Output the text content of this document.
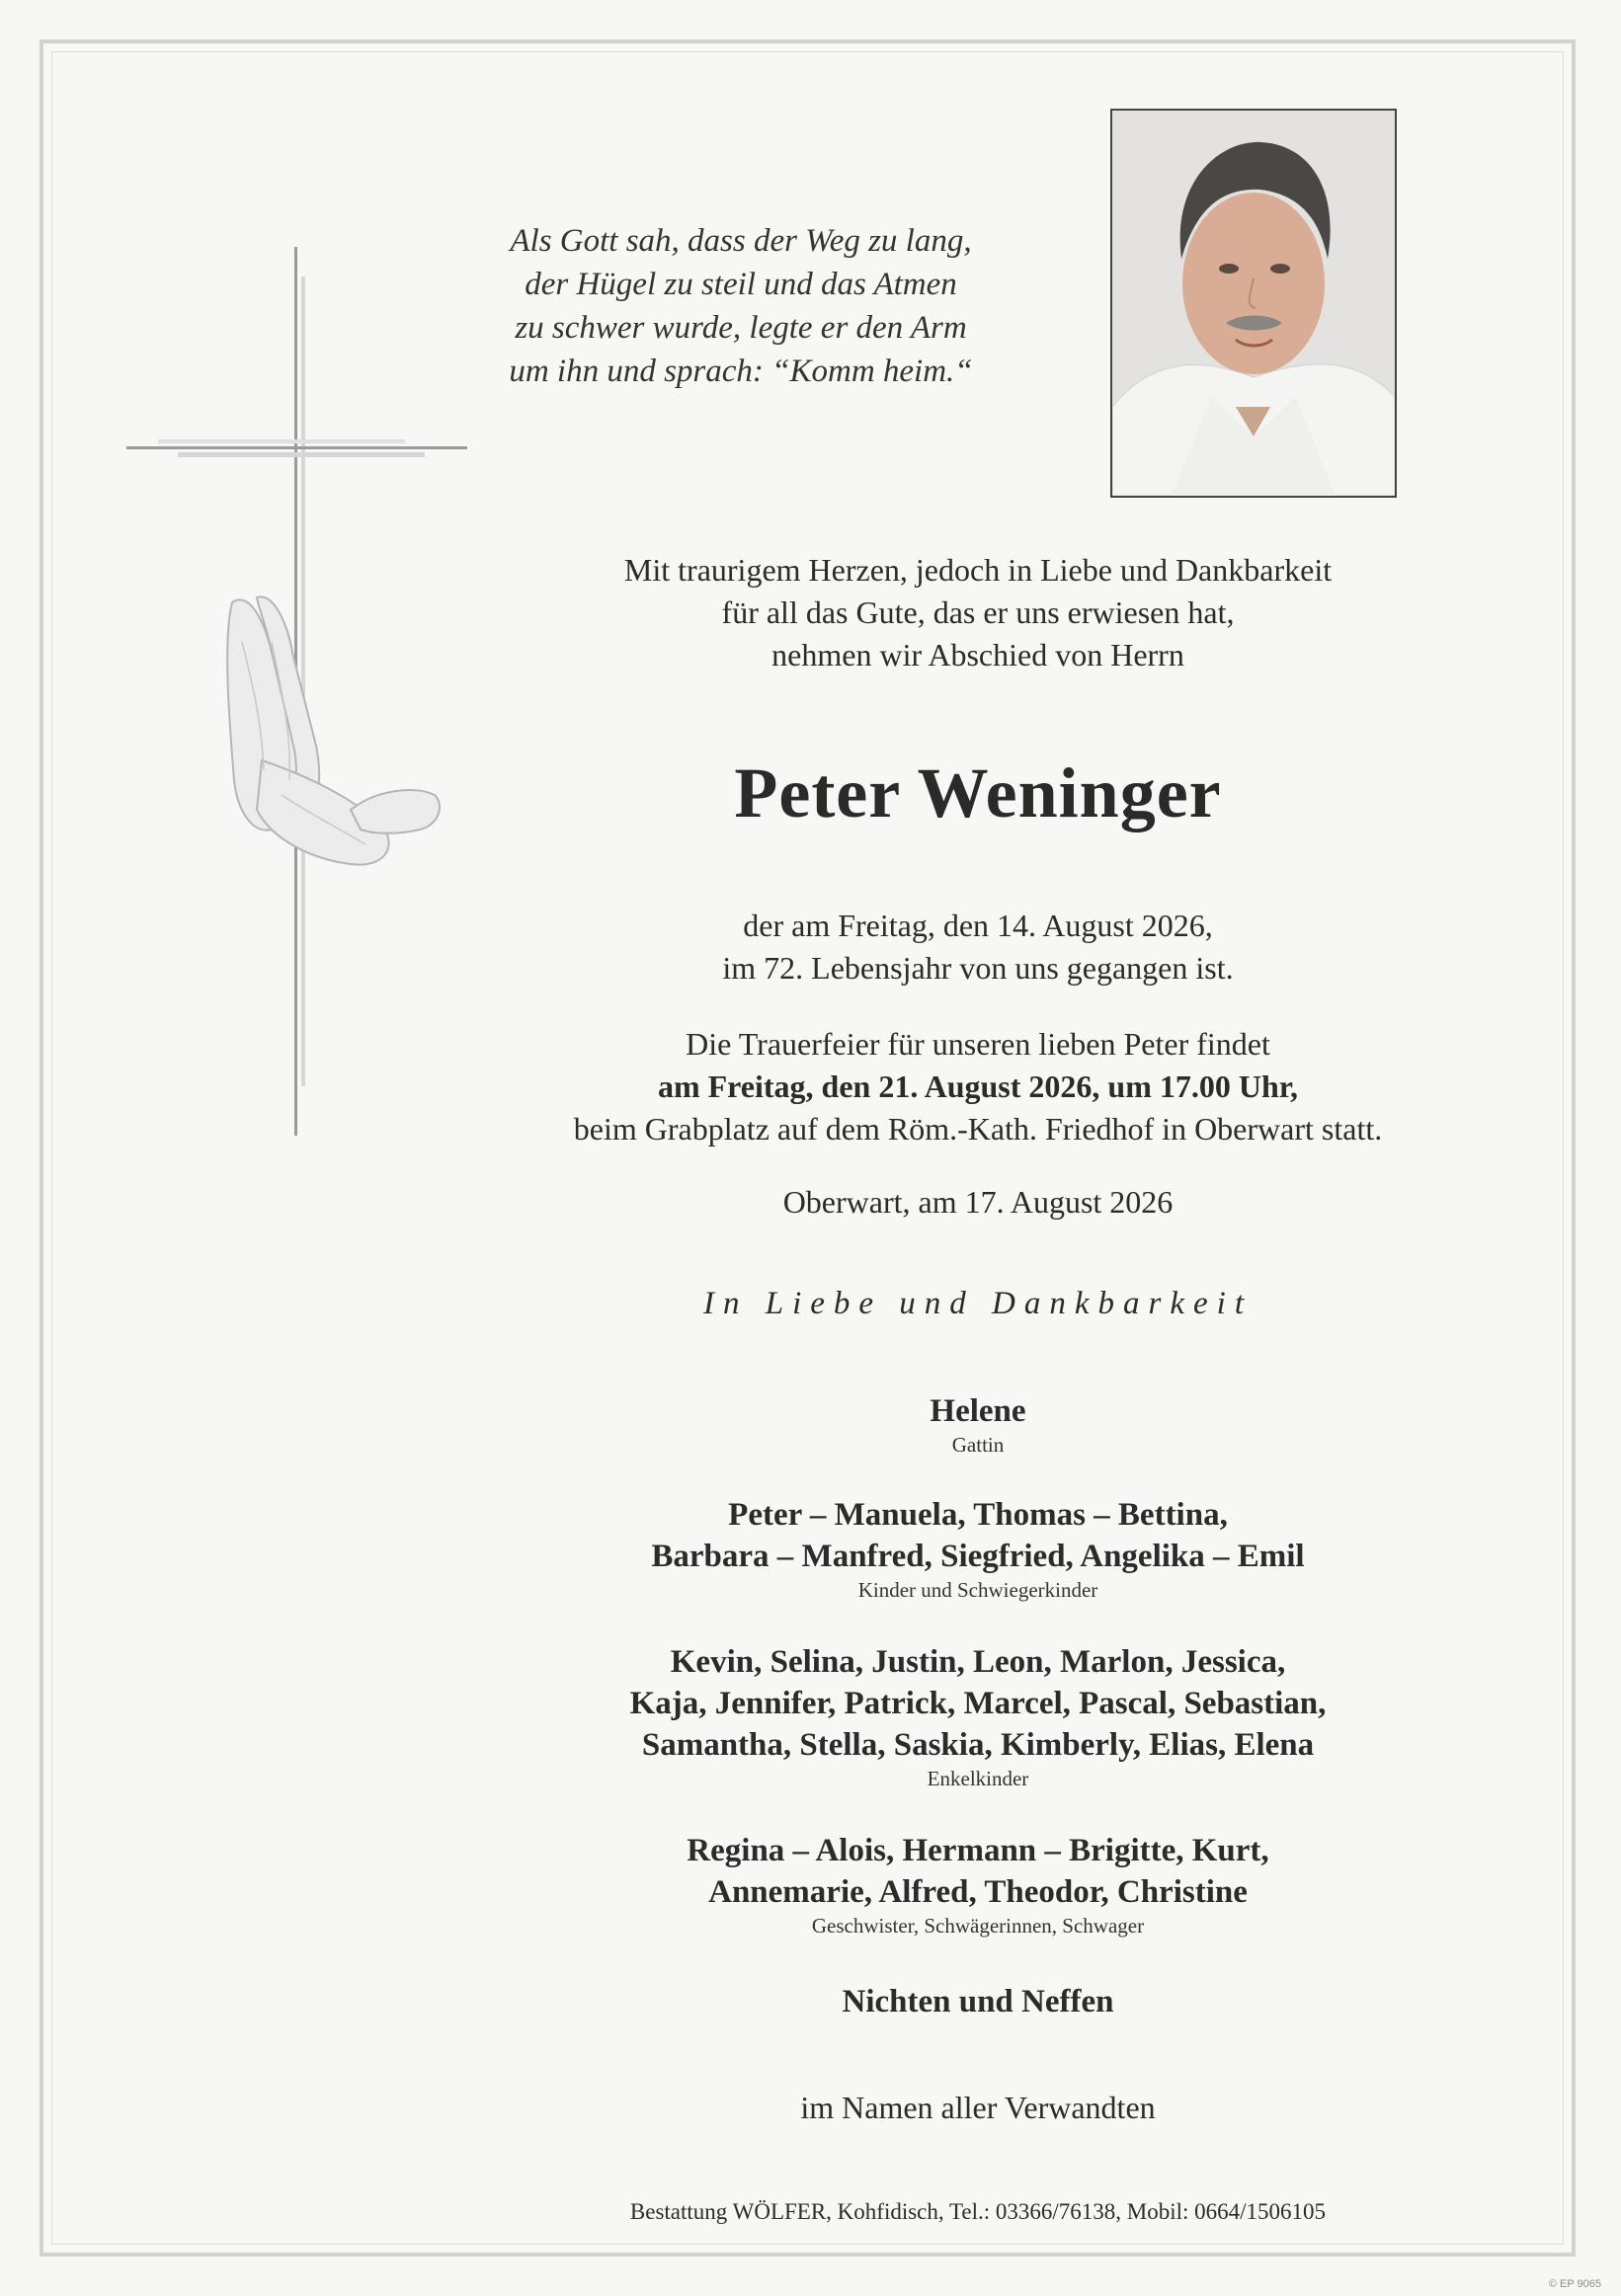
Als Gott sah, dass der Weg zu lang,
der Hügel zu steil und das Atmen
zu schwer wurde, legte er den Arm
um ihn und sprach: “Komm heim.“
Mit traurigem Herzen, jedoch in Liebe und Dankbarkeit
für all das Gute, das er uns erwiesen hat,
nehmen wir Abschied von Herrn
Peter Weninger
der am Freitag, den 14. August 2026,
im 72. Lebensjahr von uns gegangen ist.
Die Trauerfeier für unseren lieben Peter findet
am Freitag, den 21. August 2026, um 17.00 Uhr,
beim Grabplatz auf dem Röm.-Kath. Friedhof in Oberwart statt.
Oberwart, am 17. August 2026
In Liebe und Dankbarkeit
Helene
Gattin
Peter – Manuela, Thomas – Bettina,
Barbara – Manfred, Siegfried, Angelika – Emil
Kinder und Schwiegerkinder
Kevin, Selina, Justin, Leon, Marlon, Jessica,
Kaja, Jennifer, Patrick, Marcel, Pascal, Sebastian,
Samantha, Stella, Saskia, Kimberly, Elias, Elena
Enkelkinder
Regina – Alois, Hermann – Brigitte, Kurt,
Annemarie, Alfred, Theodor, Christine
Geschwister, Schwägerinnen, Schwager
Nichten und Neffen
im Namen aller Verwandten
Bestattung WÖLFER, Kohfidisch, Tel.: 03366/76138, Mobil: 0664/1506105
© EP 9065
